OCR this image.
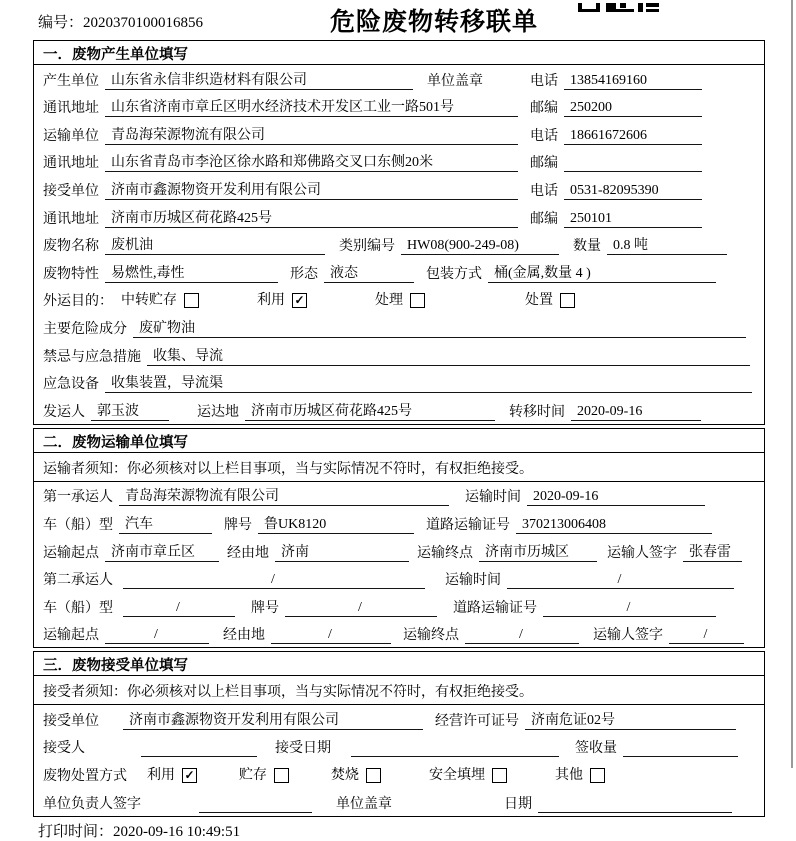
编号：2020370100016856	危险废物转移联单
一．废物产生单位填写
产生单位 山东省永信非织造材料有限公司	单位盖章	电话 13854169160
通讯地址 山东省济南市章丘区明水经济技术开发区工业一路501号	邮编 250200
运输单位 青岛海荣源物流有限公司	电话 18661672606
通讯地址 山东省青岛市李沧区徐水路和郑佛路交叉口东侧20米	邮编
接受单位 济南市鑫源物资开发利用有限公司	电话 0531-82095390
通讯地址 济南市历城区荷花路425号	邮编 250101
废物名称 废机油	类别编号 HW08(900-249-08)	数量 0.8 吨
废物特性 易燃性,毒性	形态 液态	包装方式 桶(金属,数量 4 )
外运目的： 中转贮存	利用 ✓	处理	处置
主要危险成分 废矿物油
禁忌与应急措施 收集、导流
应急设备 收集装置，导流渠
发运人 郭玉波	运达地 济南市历城区荷花路425号	转移时间 2020-09-16
二．废物运输单位填写
运输者须知：你必须核对以上栏目事项，当与实际情况不符时，有权拒绝接受。
第一承运人 青岛海荣源物流有限公司	运输时间 2020-09-16
车（船）型 汽车	牌号 鲁UK8120	道路运输证号 370213006408
运输起点 济南市章丘区	经由地 济南	运输终点 济南市历城区	运输人签字 张春雷
第二承运人	/	运输时间	/
车（船）型	/	牌号	/	道路运输证号	/
运输起点	/	经由地	/	运输终点	/	运输人签字	/
三．废物接受单位填写
接受者须知：你必须核对以上栏目事项，当与实际情况不符时，有权拒绝接受。
接受单位	济南市鑫源物资开发利用有限公司	经营许可证号 济南危证02号
接受人	接受日期	签收量
废物处置方式 利用 ✓	贮存	焚烧	安全填埋	其他
单位负责人签字	单位盖章	日期
打印时间：2020-09-16 10:49:51
